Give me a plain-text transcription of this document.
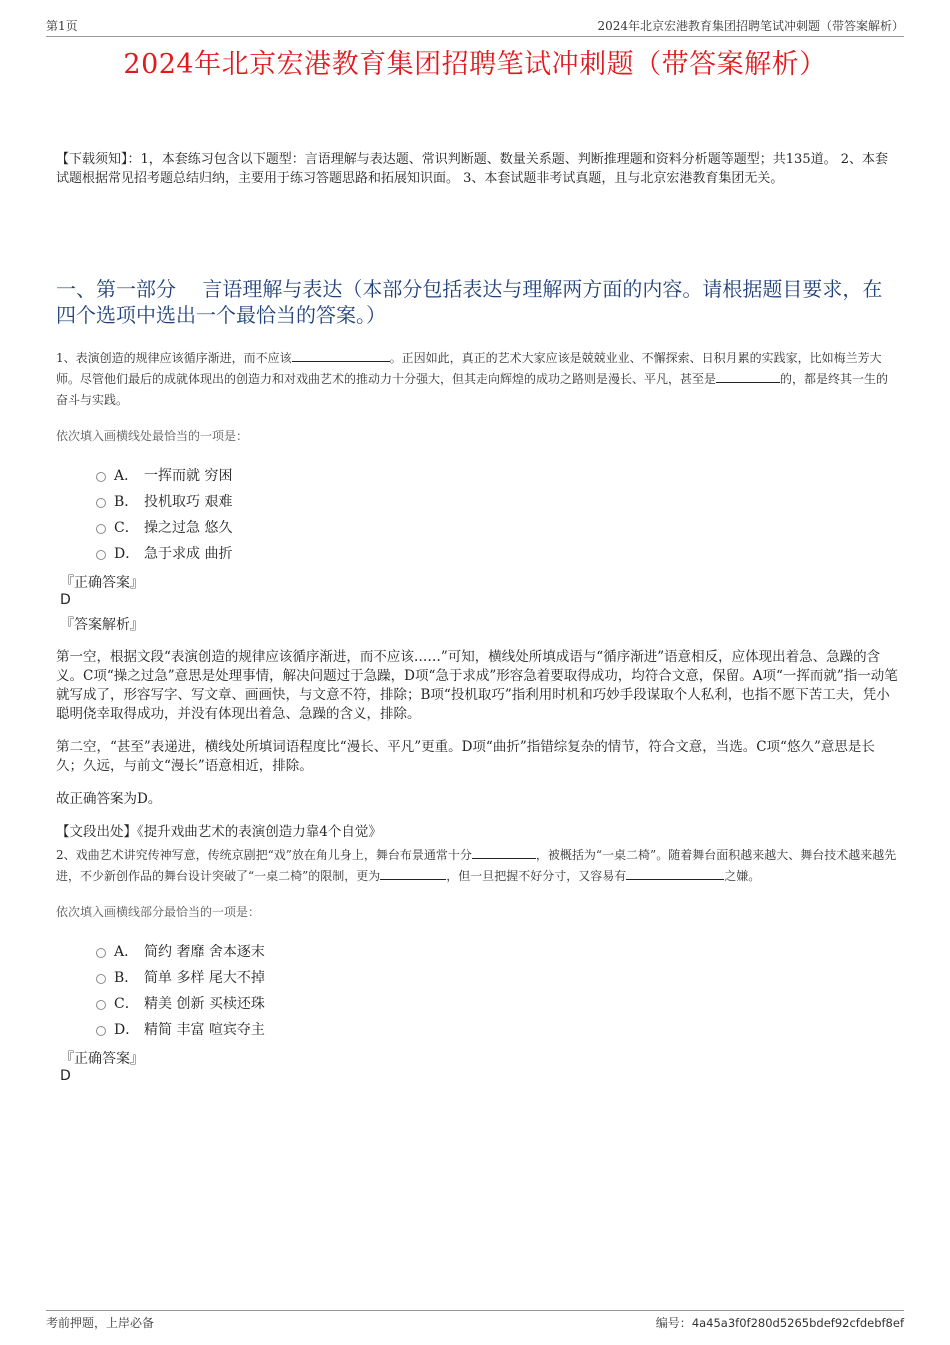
第1页	2024年北京宏港教育集团招聘笔试冲刺题（带答案解析）
2024年北京宏港教育集团招聘笔试冲刺题（带答案解析）
【下载须知】：1，本套练习包含以下题型：言语理解与表达题、常识判断题、数量关系题、判断推理题和资料分析题等题型；共135道。 2、本套试题根据常见招考题总结归纳，主要用于练习答题思路和拓展知识面。 3、本套试题非考试真题，且与北京宏港教育集团无关。
一、第一部分　 言语理解与表达（本部分包括表达与理解两方面的内容。请根据题目要求，在四个选项中选出一个最恰当的答案。）
1、表演创造的规律应该循序渐进，而不应该	。正因如此，真正的艺术大家应该是兢兢业业、不懈探索、日积月累的实践家，比如梅兰芳大师。尽管他们最后的成就体现出的创造力和对戏曲艺术的推动力十分强大，但其走向辉煌的成功之路则是漫长、平凡，甚至是	的，都是终其一生的奋斗与实践。
依次填入画横线处最恰当的一项是：
A． 一挥而就 穷困
B． 投机取巧 艰难
C． 操之过急 悠久
D． 急于求成 曲折
『正确答案』
D
『答案解析』
第一空，根据文段“表演创造的规律应该循序渐进，而不应该……”可知，横线处所填成语与“循序渐进”语意相反，应体现出着急、急躁的含义。C项“操之过急”意思是处理事情，解决问题过于急躁，D项“急于求成”形容急着要取得成功，均符合文意，保留。A项“一挥而就”指一动笔就写成了，形容写字、写文章、画画快，与文意不符，排除；B项“投机取巧”指利用时机和巧妙手段谋取个人私利，也指不愿下苦工夫，凭小聪明侥幸取得成功，并没有体现出着急、急躁的含义，排除。
第二空，“甚至”表递进，横线处所填词语程度比“漫长、平凡”更重。D项“曲折”指错综复杂的情节，符合文意，当选。C项“悠久”意思是长久；久远，与前文“漫长”语意相近，排除。
故正确答案为D。
【文段出处】《提升戏曲艺术的表演创造力靠4个自觉》
2、戏曲艺术讲究传神写意，传统京剧把“戏”放在角儿身上，舞台布景通常十分	，被概括为“一桌二椅”。随着舞台面积越来越大、舞台技术越来越先进，不少新创作品的舞台设计突破了“一桌二椅”的限制，更为	，但一旦把握不好分寸，又容易有	之嫌。
依次填入画横线部分最恰当的一项是：
A． 简约 奢靡 舍本逐末
B． 简单 多样 尾大不掉
C． 精美 创新 买椟还珠
D． 精简 丰富 喧宾夺主
『正确答案』
D
考前押题，上岸必备	编号：4a45a3f0f280d5265bdef92cfdebf8ef
